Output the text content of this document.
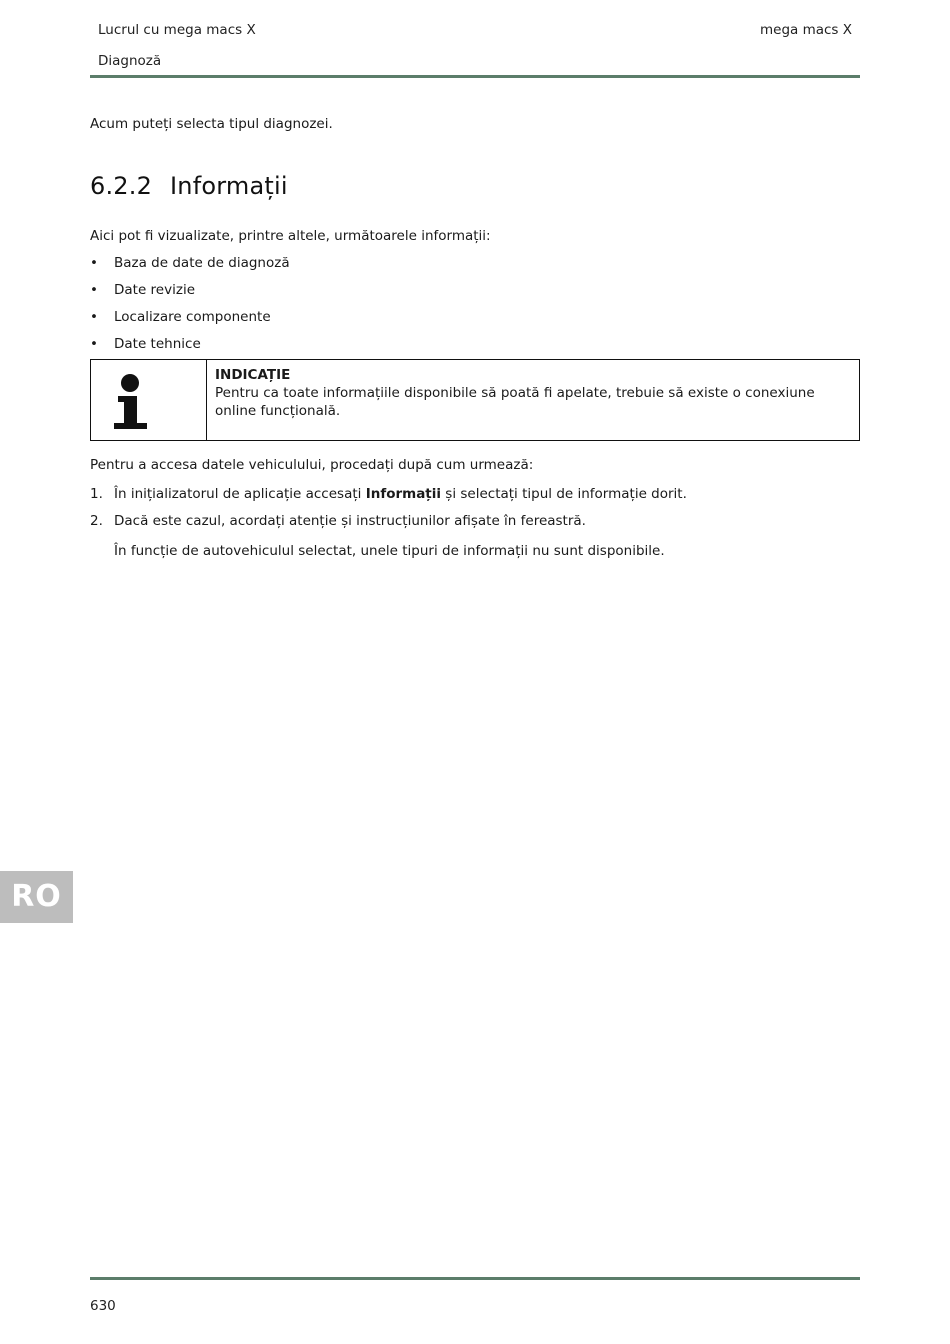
Lucrul cu mega macs X	mega macs X
Diagnoză
Acum puteți selecta tipul diagnozei.
6.2.2 Informații
Aici pot fi vizualizate, printre altele, următoarele informații:
• Baza de date de diagnoză
• Date revizie
• Localizare componente
• Date tehnice
INDICAȚIE
Pentru ca toate informațiile disponibile să poată fi apelate, trebuie să existe o conexiune online funcțională.
Pentru a accesa datele vehiculului, procedați după cum urmează:
1. În inițializatorul de aplicație accesați Informații și selectați tipul de informație dorit.
2. Dacă este cazul, acordați atenție și instrucțiunilor afișate în fereastră.
În funcție de autovehiculul selectat, unele tipuri de informații nu sunt disponibile.
RO
630
